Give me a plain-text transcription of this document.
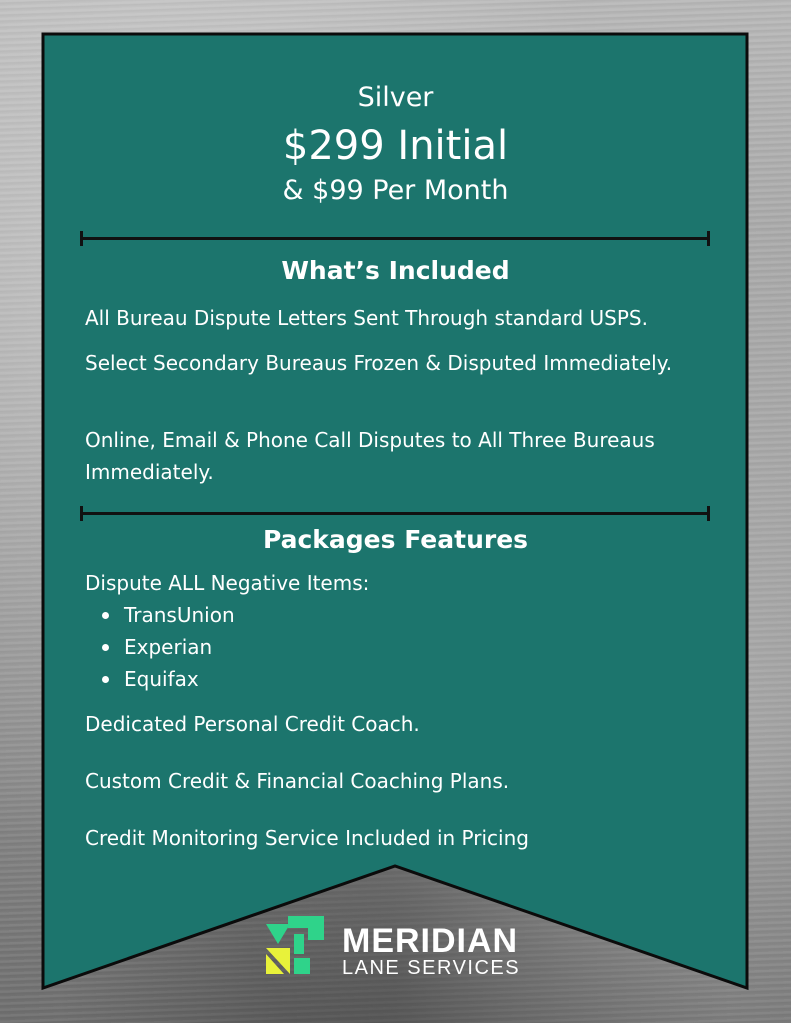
Silver
$299 Initial
& $99 Per Month
What’s Included
All Bureau Dispute Letters Sent Through standard USPS.
Select Secondary Bureaus Frozen & Disputed Immediately.
Online, Email & Phone Call Disputes to All Three Bureaus Immediately.
Packages Features
Dispute ALL Negative Items:
TransUnion
Experian
Equifax
Dedicated Personal Credit Coach.
Custom Credit & Financial Coaching Plans.
Credit Monitoring Service Included in Pricing
MERIDIAN
LANE SERVICES
